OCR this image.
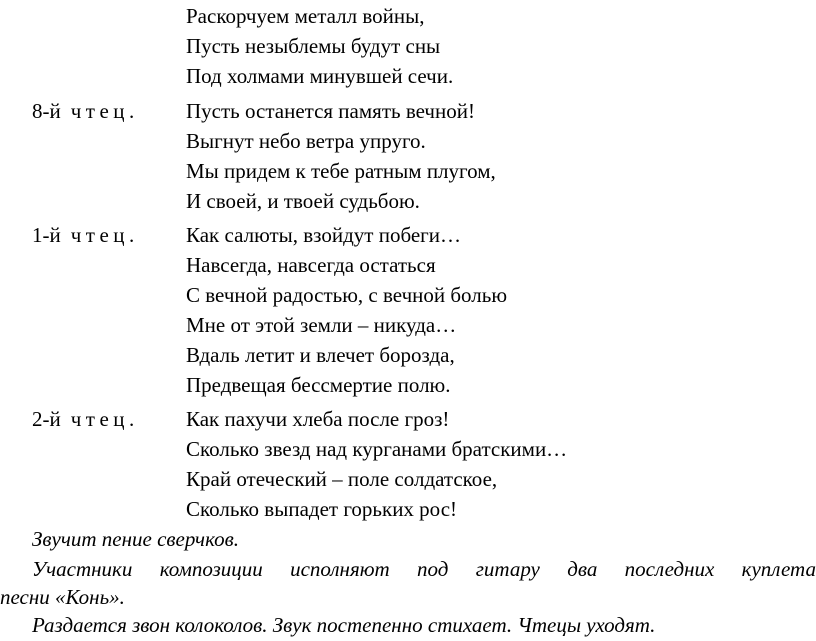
Раскорчуем металл войны,
Пусть незыблемы будут сны
Под холмами минувшей сечи.
8-й чтец. Пусть останется память вечной!
Выгнут небо ветра упруго.
Мы придем к тебе ратным плугом,
И своей, и твоей судьбою.
1-й чтец. Как салюты, взойдут побеги…
Навсегда, навсегда остаться
С вечной радостью, с вечной болью
Мне от этой земли – никуда…
Вдаль летит и влечет борозда,
Предвещая бессмертие полю.
2-й чтец. Как пахучи хлеба после гроз!
Сколько звезд над курганами братскими…
Край отеческий – поле солдатское,
Сколько выпадет горьких рос!
Звучит пение сверчков.
Участники композиции исполняют под гитару два последних куплета
песни «Конь».
Раздается звон колоколов. Звук постепенно стихает. Чтецы уходят.
